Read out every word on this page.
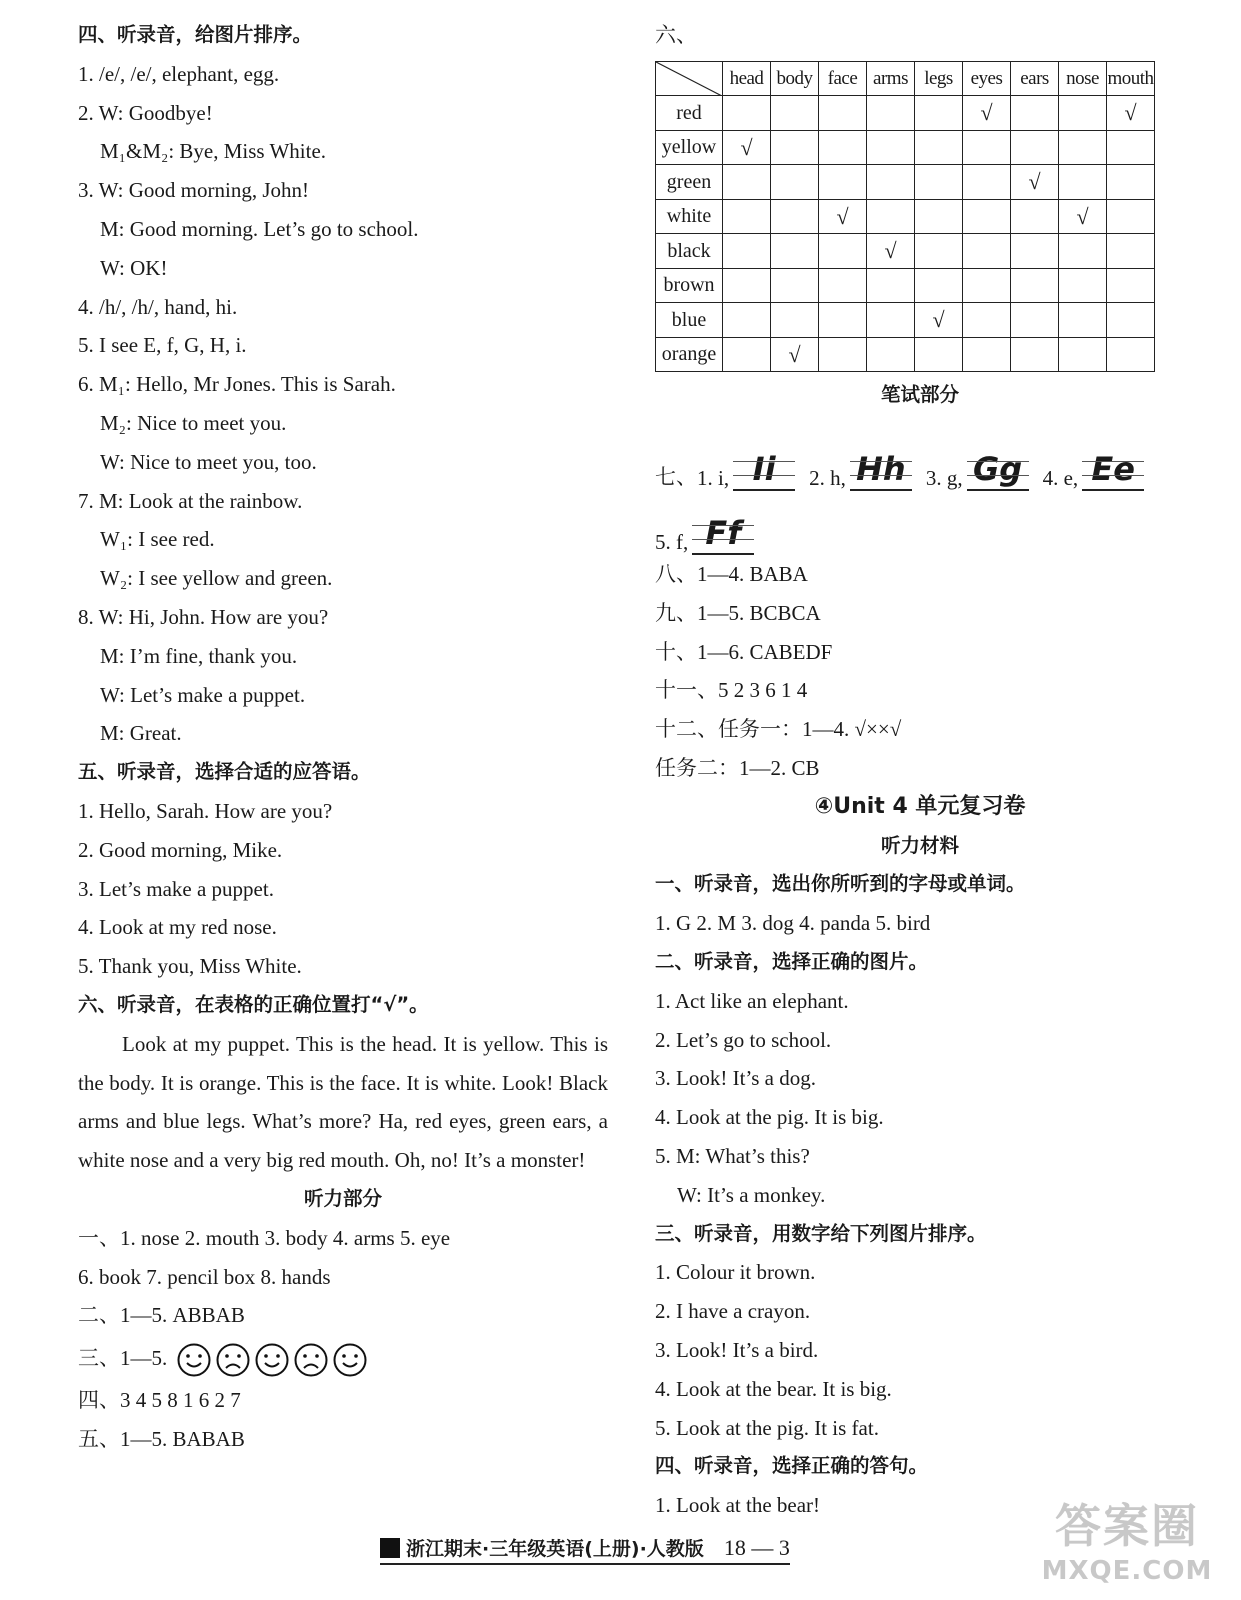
四、听录音，给图片排序。
1. /e/, /e/, elephant, egg.
2. W: Goodbye!
M₁&M₂: Bye, Miss White.
3. W: Good morning, John!
M: Good morning. Let’s go to school.
W: OK!
4. /h/, /h/, hand, hi.
5. I see E, f, G, H, i.
6. M₁: Hello, Mr Jones. This is Sarah.
M₂: Nice to meet you.
W: Nice to meet you, too.
7. M: Look at the rainbow.
W₁: I see red.
W₂: I see yellow and green.
8. W: Hi, John. How are you?
M: I’m fine, thank you.
W: Let’s make a puppet.
M: Great.
五、听录音，选择合适的应答语。
1. Hello, Sarah. How are you?
2. Good morning, Mike.
3. Let’s make a puppet.
4. Look at my red nose.
5. Thank you, Miss White.
六、听录音，在表格的正确位置打“√”。
Look at my puppet. This is the head. It is yellow. This is the body. It is orange. This is the face. It is white. Look! Black arms and blue legs. What’s more? Ha, red eyes, green ears, a white nose and a very big red mouth. Oh, no! It’s a monster!
听力部分
一、1. nose 2. mouth 3. body 4. arms 5. eye
6. book 7. pencil box 8. hands
二、1—5. ABBAB
三、1—5.
四、3 4 5 8 1 6 2 7
五、1—5. BABAB
六、
	head	body	face	arms	legs	eyes	ears	nose	mouth
red						√			√
yellow	√								
green							√		
white			√					√	
black				√					
brown									
blue					√				
orange		√							
笔试部分
七、 1. i, Ii	2. h, Hh 3. g, Gg 4. e, Ee
5. f, Ff
八、1—4. BABA
九、1—5. BCBCA
十、1—6. CABEDF
十一、5 2 3 6 1 4
十二、任务一：1—4. √××√
任务二：1—2. CB
④Unit 4 单元复习卷
听力材料
一、听录音，选出你所听到的字母或单词。
1. G 2. M 3. dog 4. panda 5. bird
二、听录音，选择正确的图片。
1. Act like an elephant.
2. Let’s go to school.
3. Look! It’s a dog.
4. Look at the pig. It is big.
5. M: What’s this?
W: It’s a monkey.
三、听录音，用数字给下列图片排序。
1. Colour it brown.
2. I have a crayon.
3. Look! It’s a bird.
4. Look at the bear. It is big.
5. Look at the pig. It is fat.
四、听录音，选择正确的答句。
1. Look at the bear!
浙江期末·三年级英语(上册)·人教版 18 — 3	答案圈
MXQE.COM
